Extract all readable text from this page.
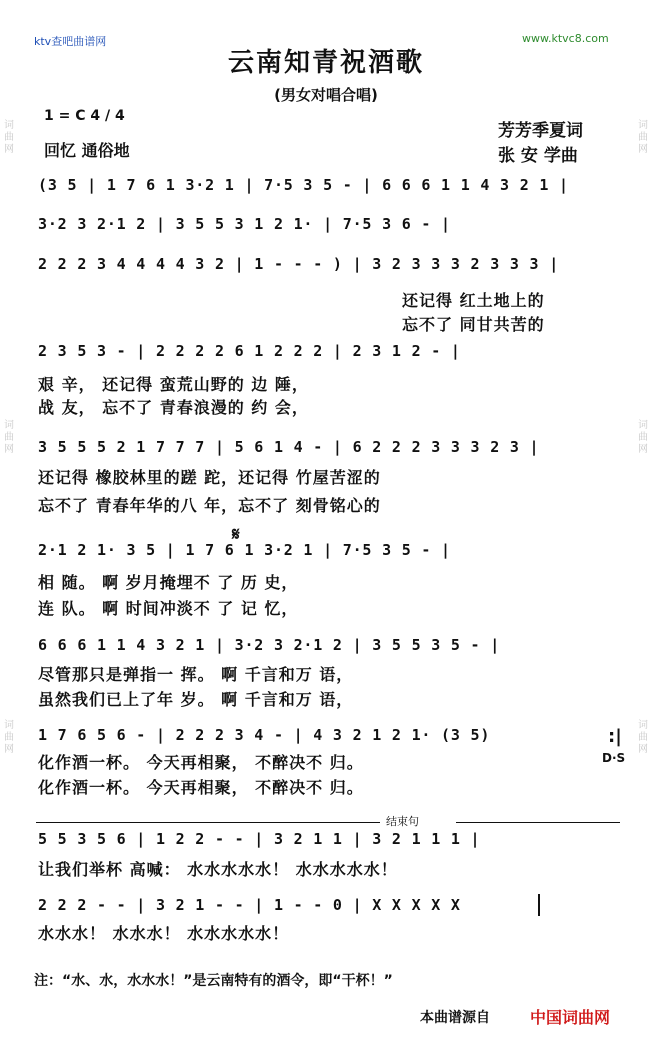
ktv查吧曲谱网	www.ktvc8.com
云南知青祝酒歌
(男女对唱合唱)
1 = C 4 / 4
回忆 通俗地
芳芳季夏词
张 安 学曲
词曲网
词曲网
词曲网
词曲网
词曲网
词曲网
(3 5 | 1 7 6 1 3·2 1 | 7·5 3 5 - | 6 6 6 1 1 4 3 2 1 |
3·2 3 2·1 2 | 3 5 5 3 1 2 1· | 7·5 3 6 - |
2 2 2 3 4 4 4 4 3 2 | 1 - - - ) | 3 2 3 3 3 2 3 3 3 |
还记得 红土地上的
忘不了 同甘共苦的
2 3 5 3 - | 2 2 2 2 6 1 2 2 2 | 2 3 1 2 - |
艰 辛， 还记得 蛮荒山野的 边 陲，
战 友， 忘不了 青春浪漫的 约 会，
3 5 5 5 2 1 7 7 7 | 5 6 1 4 - | 6 2 2 2 3 3 3 2 3 |
还记得 橡胶林里的蹉 跎，还记得 竹屋苦涩的
忘不了 青春年华的八 年，忘不了 刻骨铭心的
𝄋
2·1 2 1· 3 5 | 1 7 6 1 3·2 1 | 7·5 3 5 - |
相 随。 啊 岁月掩埋不 了 历 史，
连 队。 啊 时间冲淡不 了 记 忆，
6 6 6 1 1 4 3 2 1 | 3·2 3 2·1 2 | 3 5 5 3 5 - |
尽管那只是弹指一 挥。 啊 千言和万 语，
虽然我们已上了年 岁。 啊 千言和万 语，
1 7 6 5 6 - | 2 2 2 3 4 - | 4 3 2 1 2 1· (3 5)	:|
D·S
化作酒一杯。 今天再相聚， 不醉决不 归。
化作酒一杯。 今天再相聚， 不醉决不 归。
结束句
5 5 3 5 6 | 1 2 2 - - | 3 2 1 1 | 3 2 1 1 1 |
让我们举杯 高喊： 水水水水水！ 水水水水水！
2 2 2 - - | 3 2 1 - - | 1 - - 0 | X X X X X
水水水！ 水水水！ 水水水水水！
注：“水、水，水水水！”是云南特有的酒令，即“干杯！”
本曲谱源自	中国词曲网
